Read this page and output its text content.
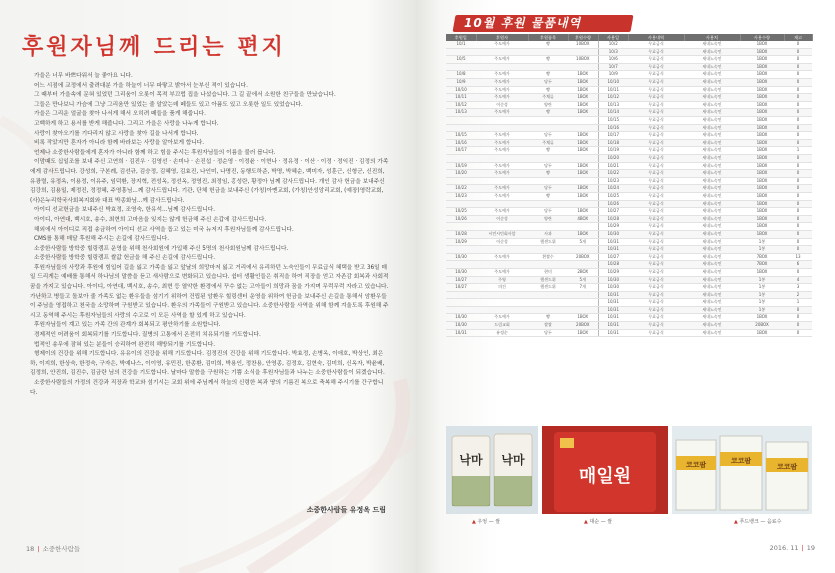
후원자님께 드리는 편지

가을은 너무 바쁘다워서 늘 좋아요 니다.

어느 시점에 교정에서 출려대분 가을 하늘이 너무 파랗고 밝아서 눈부신 적이 있습니다.

그 때부터 가을속에 문혀 있었던 그리움이 오롯이 목적 부끄럽 집을 나섰습니다. 그 길 끝에서 소원한 친구들을 만났습니다.

그들은 만나보니 가슴에 그냥 그리움만 있었는 줄 알았는데 떼들도 있고 아픔도 있고 오롯한 일도 있었습니다.

가을은 그리운 얼굴을 찾아 나서게 해서 오히려 떼들을 품게 해줍니다.

고백하게 하고 용서를 받게 해줍니다. 그리고 가을은 사랑을 나누게 합니다.

사랑이 찾아오기를 기다리지 않고 사랑을 찾아 길을 나서게 합니다.

비록 작았지만 혼자가 아니라 함께 바라보는 사랑을 알아보게 합니다.

언제나 소중한사람들에게 혼자가 아니라 함께 하고 힘을 주시는 후원자님들의 이름을 불러 봅니다.

이맘때도 십일조를 보내 주신 고연희 · 김진우 · 김영선 · 손미나 · 손진섭 · 정순영 · 이정윤 · 이현나 · 정유정 · 이산 · 이정 · 정익진 · 김정의 가족에게 감사드립니다. 강성희, 구본례, 김선규, 김승정, 김혜영, 김효진, 나인미, 나명진, 동행도하준, 박명, 박혜순, 백미자, 성훈근, 신형군, 신진희, 유광렬, 유정옥, 이용정, 이유주, 임덕환, 장지혁, 전성옥, 정선옥, 정영진, 최정임, 홍성란, 황정아 님께 감사드립니다. 개인 감사 헌금을 보내주신 김강희, 김용일, 제정진, 정정혜, 주영흥님...께 감사드립니다. 기관, 단체 헌금을 보내주신 (가칭)아멘교회, (가칭)안성앙리교회, (예장)영락교회, (사)은누리학국사회복지회와 대표 박종화님...께 감사드립니다.

아이디 선교헌금을 보내주신 박효정, 조영숙, 한유석...님께 감사드립니다.

아이디, 아연대, 백시호, 송수, 최현희 고마음을 잊지는 않게 헌금해 주신 손갑에 감사드립니다.

해외에서 아이디로 직접 송금하여 아이디 선교 사역을 돕고 있는 미국 뉴저지 후원자님들께 감사드립니다.

CMS를 통해 매달 후원해 주시는 손길에 감사드립니다.

소중한사람들 방학중 힐링캠프 운영을 위해 천사회원에 가입해 주신 5명의 천사회원님께 감사드립니다.

소중한사람들 방학중 힐링캠프 쌀값 헌금을 해 주신 손길에 감사드립니다.

후원자님들의 사랑과 후원에 힘입어 길을 잃고 가족을 잃고 앞날의 희망마저 잃고 거리에서 유리하던 노숙인들이 무료급식 혜택을 받고 36일 매일 드리게는 예배를 통해서 하나님의 말씀을 듣고 새사람으로 변화되고 있습니다. 쉼터 생활인들은 취직을 하여 직장을 얻고 자존감 회복과 사회적 꿈을 가지고 있습니다. 아이디, 아연대, 백시호, 송수, 최현 등 열악한 환경에서 꾸수 없는 고아들이 희망과 꿈을 가지며 무럭무럭 자라고 있습니다. 가난하고 병들고 돌보아 줄 가족도 없는 환우들을 섬기기 위하여 건립된 암환우 힐링센터 운영을 위하여 헌금을 보내주신 손길을 통해서 암환우들이 주님을 영접하고 천국을 소망하며 구원받고 있습니다. 환우의 가족들이 구원받고 있습니다. 소중한사람들 사역을 위해 함께 겨울도록 후원해 주시고 동역해 주시는 후원자님들의 사랑의 수고로 이 모든 사역을 할 있게 하고 있습니다.

후원자님들이 계고 있는 가족 간의 관계가 회복되고 평안하기를 소원합니다.

경제적인 어려움이 회복되기를 기도합니다. 질병의 고통에서 온전히 치유되기를 기도합니다.

법적인 송무에 잠혀 있는 분들이 승리하여 완전히 해방되기를 기도합니다.

형제이의 건강을 위해 기도합니다. 유유이의 건강을 위해 기도합니다. 김정진의 건강을 위해 기도합니다. 박효정, 손병옥, 이애호, 박상인, 최은하, 이지희, 한상숙, 한정숙, 구자은, 박예나스, 이이영, 유민진, 한종환, 김미희, 박용인, 정찬용, 안영종, 김정호, 김현숙, 김미희, 신옥자, 박윤배, 김정희, 안진희, 김진수, 김금란 님의 건강을 기도합니다. 날마다 말씀을 구원하는 기쁨 소식을 후원자님들과 나누는 소중한사람들이 되겠습니다.

소중한사람들의 가정의 건강과 직장과 학교와 섬기시는 교회 위에 주님께서 하늘의 신령한 복과 땅의 기름진 복으로 축복해 주시기를 간구합니다.

소중한사람들 유정옥 드림
18 | 소중한사람들
10월 후원 물품내역
후원일	후원자	후원품목	후원수량	사용일	사용내역	사용처	사용수량	재고
10/1	주도예가	빵	10BOX	10/2	무료급식	새내노숙인	1BOX	0
				10/3	무료급식	새내노숙인	1BOX	0
10/5	주도예가	빵	10BOX	10/6	무료급식	새내노숙인	1BOX	0
				10/7	무료급식	새내노숙인	1BOX	0
10/8	주도예가	빵	1BOX	10/9	무료급식	새내노숙인	1BOX	0
10/9	주도예가	당두	1BOX	10/10	무료급식	새내노숙인	1BOX	0
10/10	주도예가	빵	1BOX	10/11	무료급식	새내노숙인	1BOX	0
10/11	주도예가	주채류	1BOX	10/12	무료급식	새내노숙인	1BOX	0
10/12	이순성	양란	1BOX	10/13	무료급식	새내노숙인	1BOX	0
10/13	주도예가	빵	1BOX	10/14	무료급식	새내노숙인	1BOX	0
				10/15	무료급식	새내노숙인	1BOX	0
				10/16	무료급식	새내노숙인	1BOX	0
10/15	주도예가	당두	1BOX	10/17	무료급식	새내노숙인	1BOX	0
10/16	주도예가	주채류	1BOX	10/18	무료급식	새내노숙인	1BOX	0
10/17	주도예가	빵	1BOX	10/19	무료급식	새내노숙인	1BOX	1
				10/20	무료급식	새내노숙인	1BOX	0
10/19	주도예가	당두	1BOX	10/21	무료급식	새내노숙인	1BOX	0
10/20	주도예가	빵	1BOX	10/22	무료급식	새내노숙인	1BOX	0
				10/23	무료급식	새내노숙인	1BOX	0
10/22	주도예가	당두	1BOX	10/24	무료급식	새내노숙인	1BOX	0
10/23	주도예가	빵	1BOX	10/25	무료급식	새내노숙인	1BOX	0
				10/26	무료급식	새내노숙인	1BOX	0
10/25	주도예가	당두	1BOX	10/27	무료급식	새내노숙인	1BOX	0
10/26	이순성	양란	4BOX	10/28	무료급식	새내노숙인	1BOX	0
				10/29	무료급식	새내노숙인	1BOX	0
10/28	시민시민회사앞	사과	1BOX	10/30	무료급식	새내노숙인	1BOX	0
10/29	이순성	햄샌드위	5개	10/31	무료급식	새내노숙인	1봉	0
				10/31	무료급식	새내노숙인	1봉	0
10/30	주도예가	흰쌀수	20BOX	10/27	무료급식	새내노숙인	7BOX	13
				10/28	무료급식	새내노숙인	7BOX	6
10/30	주도예가	현미	2BOX	10/29	무료급식	새내노숙인	1BOX	0
10/27	주영	햄샌드위	5개	10/30	무료급식	새내노숙인	1봉	4
10/27	의건	햄샌드위	7개	10/30	무료급식	새내노숙인	1봉	3
				10/31	무료급식	새내노숙인	1봉	2
				10/31	무료급식	새내노숙인	1봉	1
				10/31	무료급식	새내노숙인	1봉	0
10/30	주도예가	빵	1BOX	10/31	무료급식	새내노숙인	1BOX	0
10/30	드림교회	쌀쌀	20BOX	10/31	무료급식	새내노숙인	20BOX	0
10/31	유정순	당두	1BOX	10/31	무료급식	새내노숙인	1BOX	0
낙마 낙마
매일원
코코팜	코코팜
코코팜
▲ 우엉 — 쌀	▲ 대순 — 쌀	▲ 푸드뱅크 — 음료수
2016. 11 | 19
